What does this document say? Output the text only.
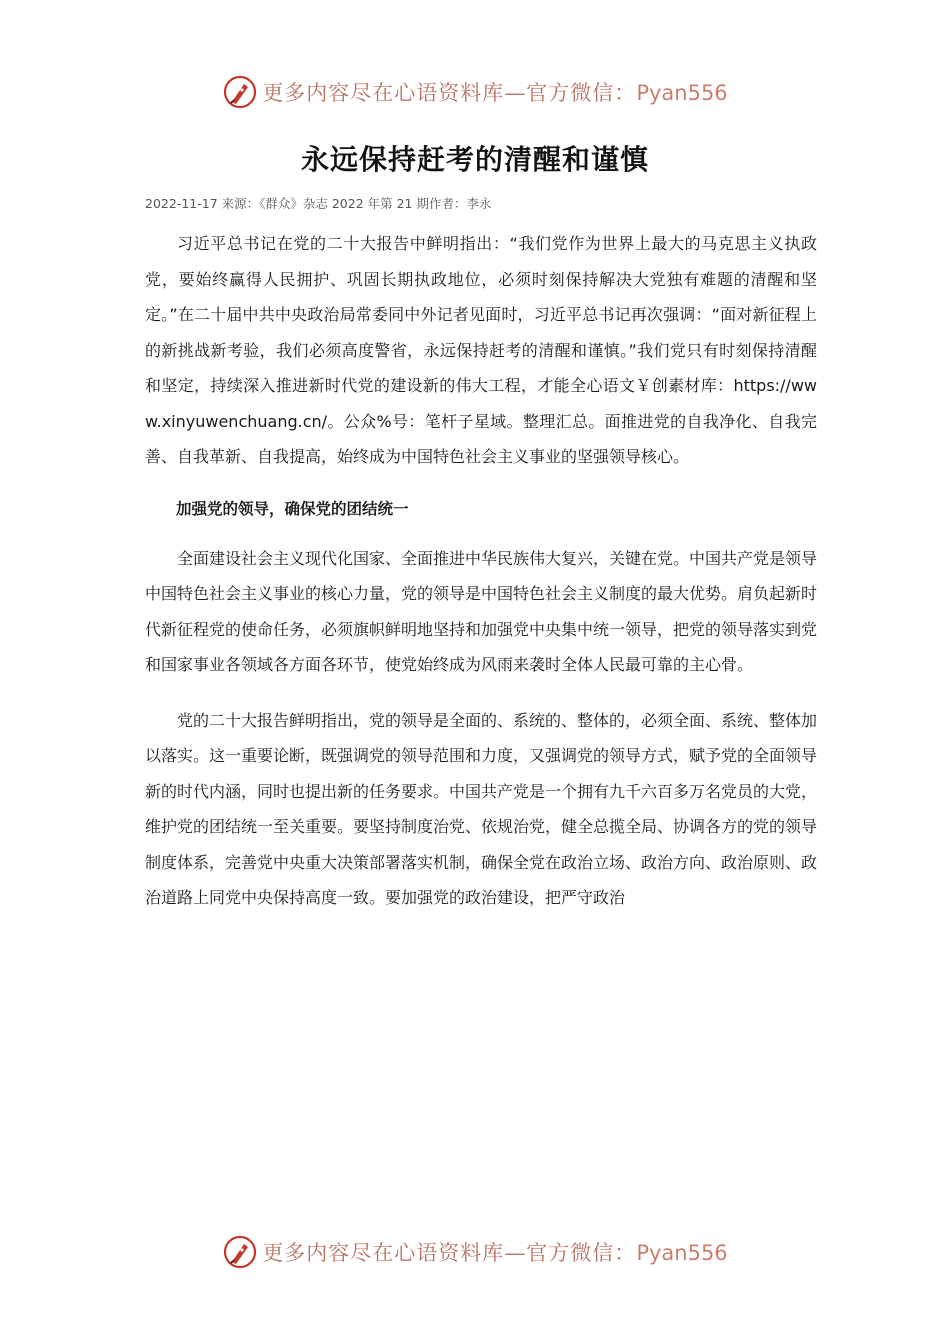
更多内容尽在心语资料库—官方微信：Pyan556
永远保持赶考的清醒和谨慎
2022-11-17 来源：《群众》杂志 2022 年第 21 期作者：李永

习近平总书记在党的二十大报告中鲜明指出：“我们党作为世界上最大的马克思主义执政党，要始终赢得人民拥护、巩固长期执政地位，必须时刻保持解决大党独有难题的清醒和坚定。”在二十届中共中央政治局常委同中外记者见面时，习近平总书记再次强调：“面对新征程上的新挑战新考验，我们必须高度警省，永远保持赶考的清醒和谨慎。”我们党只有时刻保持清醒和坚定，持续深入推进新时代党的建设新的伟大工程，才能全心语文￥创素材库：https://www.xinyuwenchuang.cn/。公众%号：笔杆子星域。整理汇总。面推进党的自我净化、自我完善、自我革新、自我提高，始终成为中国特色社会主义事业的坚强领导核心。

加强党的领导，确保党的团结统一

全面建设社会主义现代化国家、全面推进中华民族伟大复兴，关键在党。中国共产党是领导中国特色社会主义事业的核心力量，党的领导是中国特色社会主义制度的最大优势。肩负起新时代新征程党的使命任务，必须旗帜鲜明地坚持和加强党中央集中统一领导，把党的领导落实到党和国家事业各领域各方面各环节，使党始终成为风雨来袭时全体人民最可靠的主心骨。

党的二十大报告鲜明指出，党的领导是全面的、系统的、整体的，必须全面、系统、整体加以落实。这一重要论断，既强调党的领导范围和力度，又强调党的领导方式，赋予党的全面领导新的时代内涵，同时也提出新的任务要求。中国共产党是一个拥有九千六百多万名党员的大党，维护党的团结统一至关重要。要坚持制度治党、依规治党，健全总揽全局、协调各方的党的领导制度体系，完善党中央重大决策部署落实机制，确保全党在政治立场、政治方向、政治原则、政治道路上同党中央保持高度一致。要加强党的政治建设，把严守政治

更多内容尽在心语资料库—官方微信：Pyan556
